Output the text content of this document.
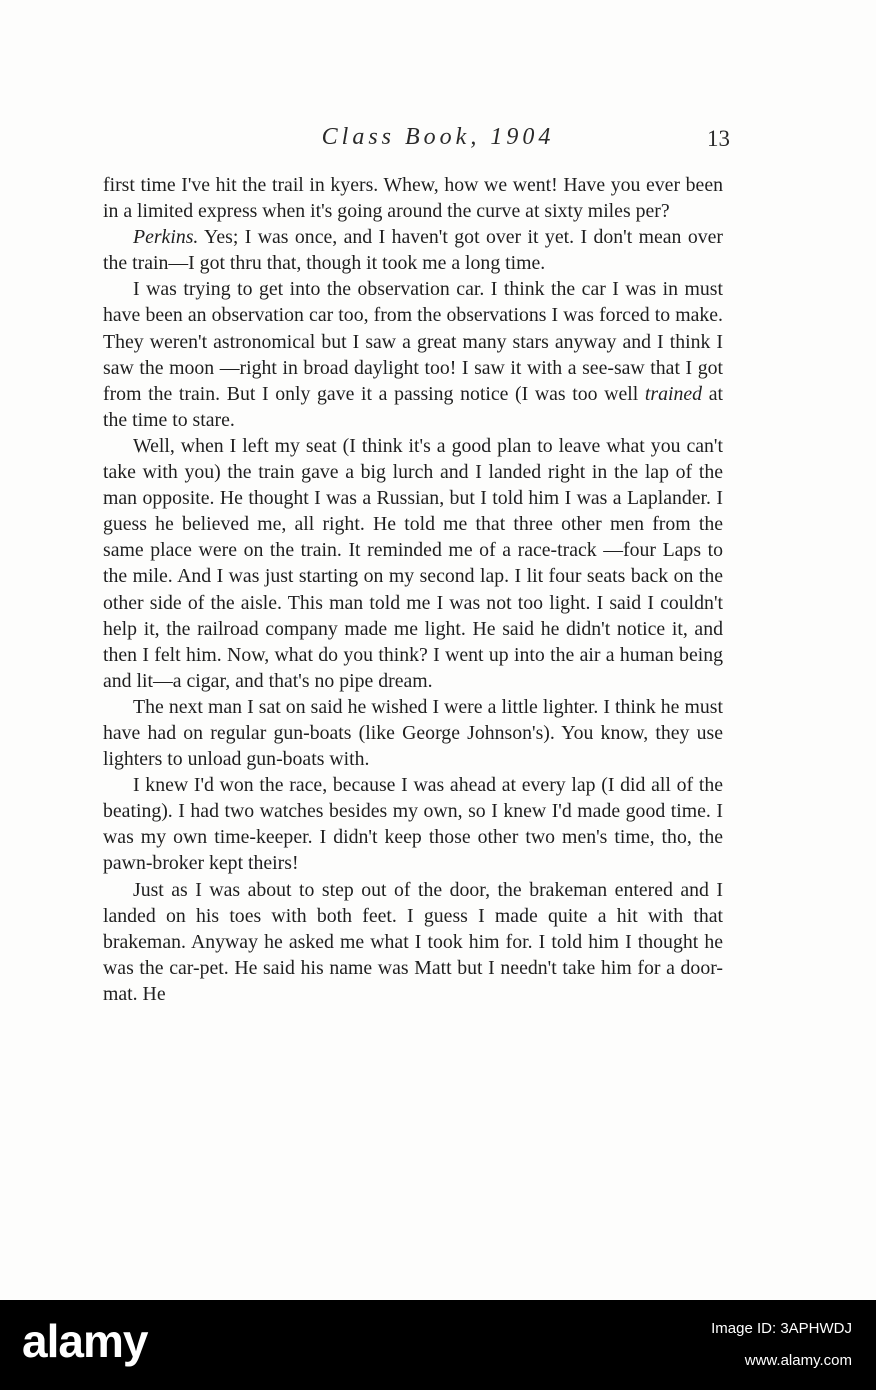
Class Book, 1904	13

first time I've hit the trail in kyers. Whew, how we went! Have you ever been in a limited express when it's going around the curve at sixty miles per?

Perkins. Yes; I was once, and I haven't got over it yet. I don't mean over the train—I got thru that, though it took me a long time.

I was trying to get into the observation car. I think the car I was in must have been an observation car too, from the observations I was forced to make. They weren't astronomical but I saw a great many stars anyway and I think I saw the moon —right in broad daylight too! I saw it with a see-saw that I got from the train. But I only gave it a passing notice (I was too well trained at the time to stare.

Well, when I left my seat (I think it's a good plan to leave what you can't take with you) the train gave a big lurch and I landed right in the lap of the man opposite. He thought I was a Russian, but I told him I was a Laplander. I guess he believed me, all right. He told me that three other men from the same place were on the train. It reminded me of a race-track —four Laps to the mile. And I was just starting on my second lap. I lit four seats back on the other side of the aisle. This man told me I was not too light. I said I couldn't help it, the railroad company made me light. He said he didn't notice it, and then I felt him. Now, what do you think? I went up into the air a human being and lit—a cigar, and that's no pipe dream.

The next man I sat on said he wished I were a little lighter. I think he must have had on regular gun-boats (like George Johnson's). You know, they use lighters to unload gun-boats with.

I knew I'd won the race, because I was ahead at every lap (I did all of the beating). I had two watches besides my own, so I knew I'd made good time. I was my own time-keeper. I didn't keep those other two men's time, tho, the pawn-broker kept theirs!

Just as I was about to step out of the door, the brakeman entered and I landed on his toes with both feet. I guess I made quite a hit with that brakeman. Anyway he asked me what I took him for. I told him I thought he was the car-pet. He said his name was Matt but I needn't take him for a door-mat. He

alamy	Image ID: 3APHWDJ
www.alamy.com
